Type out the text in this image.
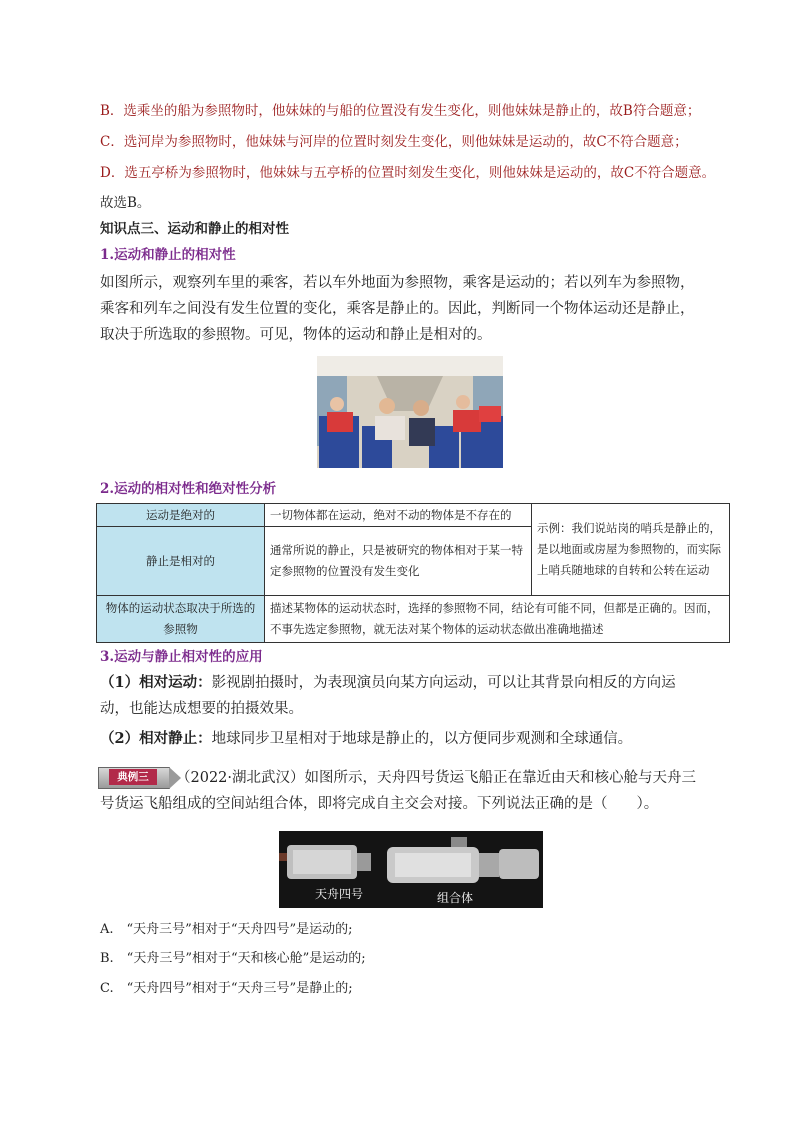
B．选乘坐的船为参照物时，他妹妹的与船的位置没有发生变化，则他妹妹是静止的，故B符合题意；
C．选河岸为参照物时，他妹妹与河岸的位置时刻发生变化，则他妹妹是运动的，故C不符合题意；
D．选五亭桥为参照物时，他妹妹与五亭桥的位置时刻发生变化，则他妹妹是运动的，故C不符合题意。
故选B。
知识点三、运动和静止的相对性
1.运动和静止的相对性
如图所示，观察列车里的乘客，若以车外地面为参照物，乘客是运动的；若以列车为参照物，乘客和列车之间没有发生位置的变化，乘客是静止的。因此，判断同一个物体运动还是静止，取决于所选取的参照物。可见，物体的运动和静止是相对的。
2.运动的相对性和绝对性分析
运动是绝对的	一切物体都在运动，绝对不动的物体是不存在的	示例：我们说站岗的哨兵是静止的，是以地面或房屋为参照物的，而实际上哨兵随地球的自转和公转在运动
静止是相对的	通常所说的静止，只是被研究的物体相对于某一特定参照物的位置没有发生变化	
物体的运动状态取决于所选的参照物	描述某物体的运动状态时，选择的参照物不同，结论有可能不同，但都是正确的。因而，不事先选定参照物，就无法对某个物体的运动状态做出准确地描述	
3.运动与静止相对性的应用
（1）相对运动：影视剧拍摄时，为表现演员向某方向运动，可以让其背景向相反的方向运动，也能达成想要的拍摄效果。
（2）相对静止：地球同步卫星相对于地球是静止的，以方便同步观测和全球通信。
典例三	（2022·湖北武汉）如图所示，天舟四号货运飞船正在靠近由天和核心舱与天舟三号货运飞船组成的空间站组合体，即将完成自主交会对接。下列说法正确的是（　　）。
天舟四号	组合体
A.　“天舟三号”相对于“天舟四号”是运动的;
B.　“天舟三号”相对于“天和核心舱”是运动的;
C.　“天舟四号”相对于“天舟三号”是静止的;
